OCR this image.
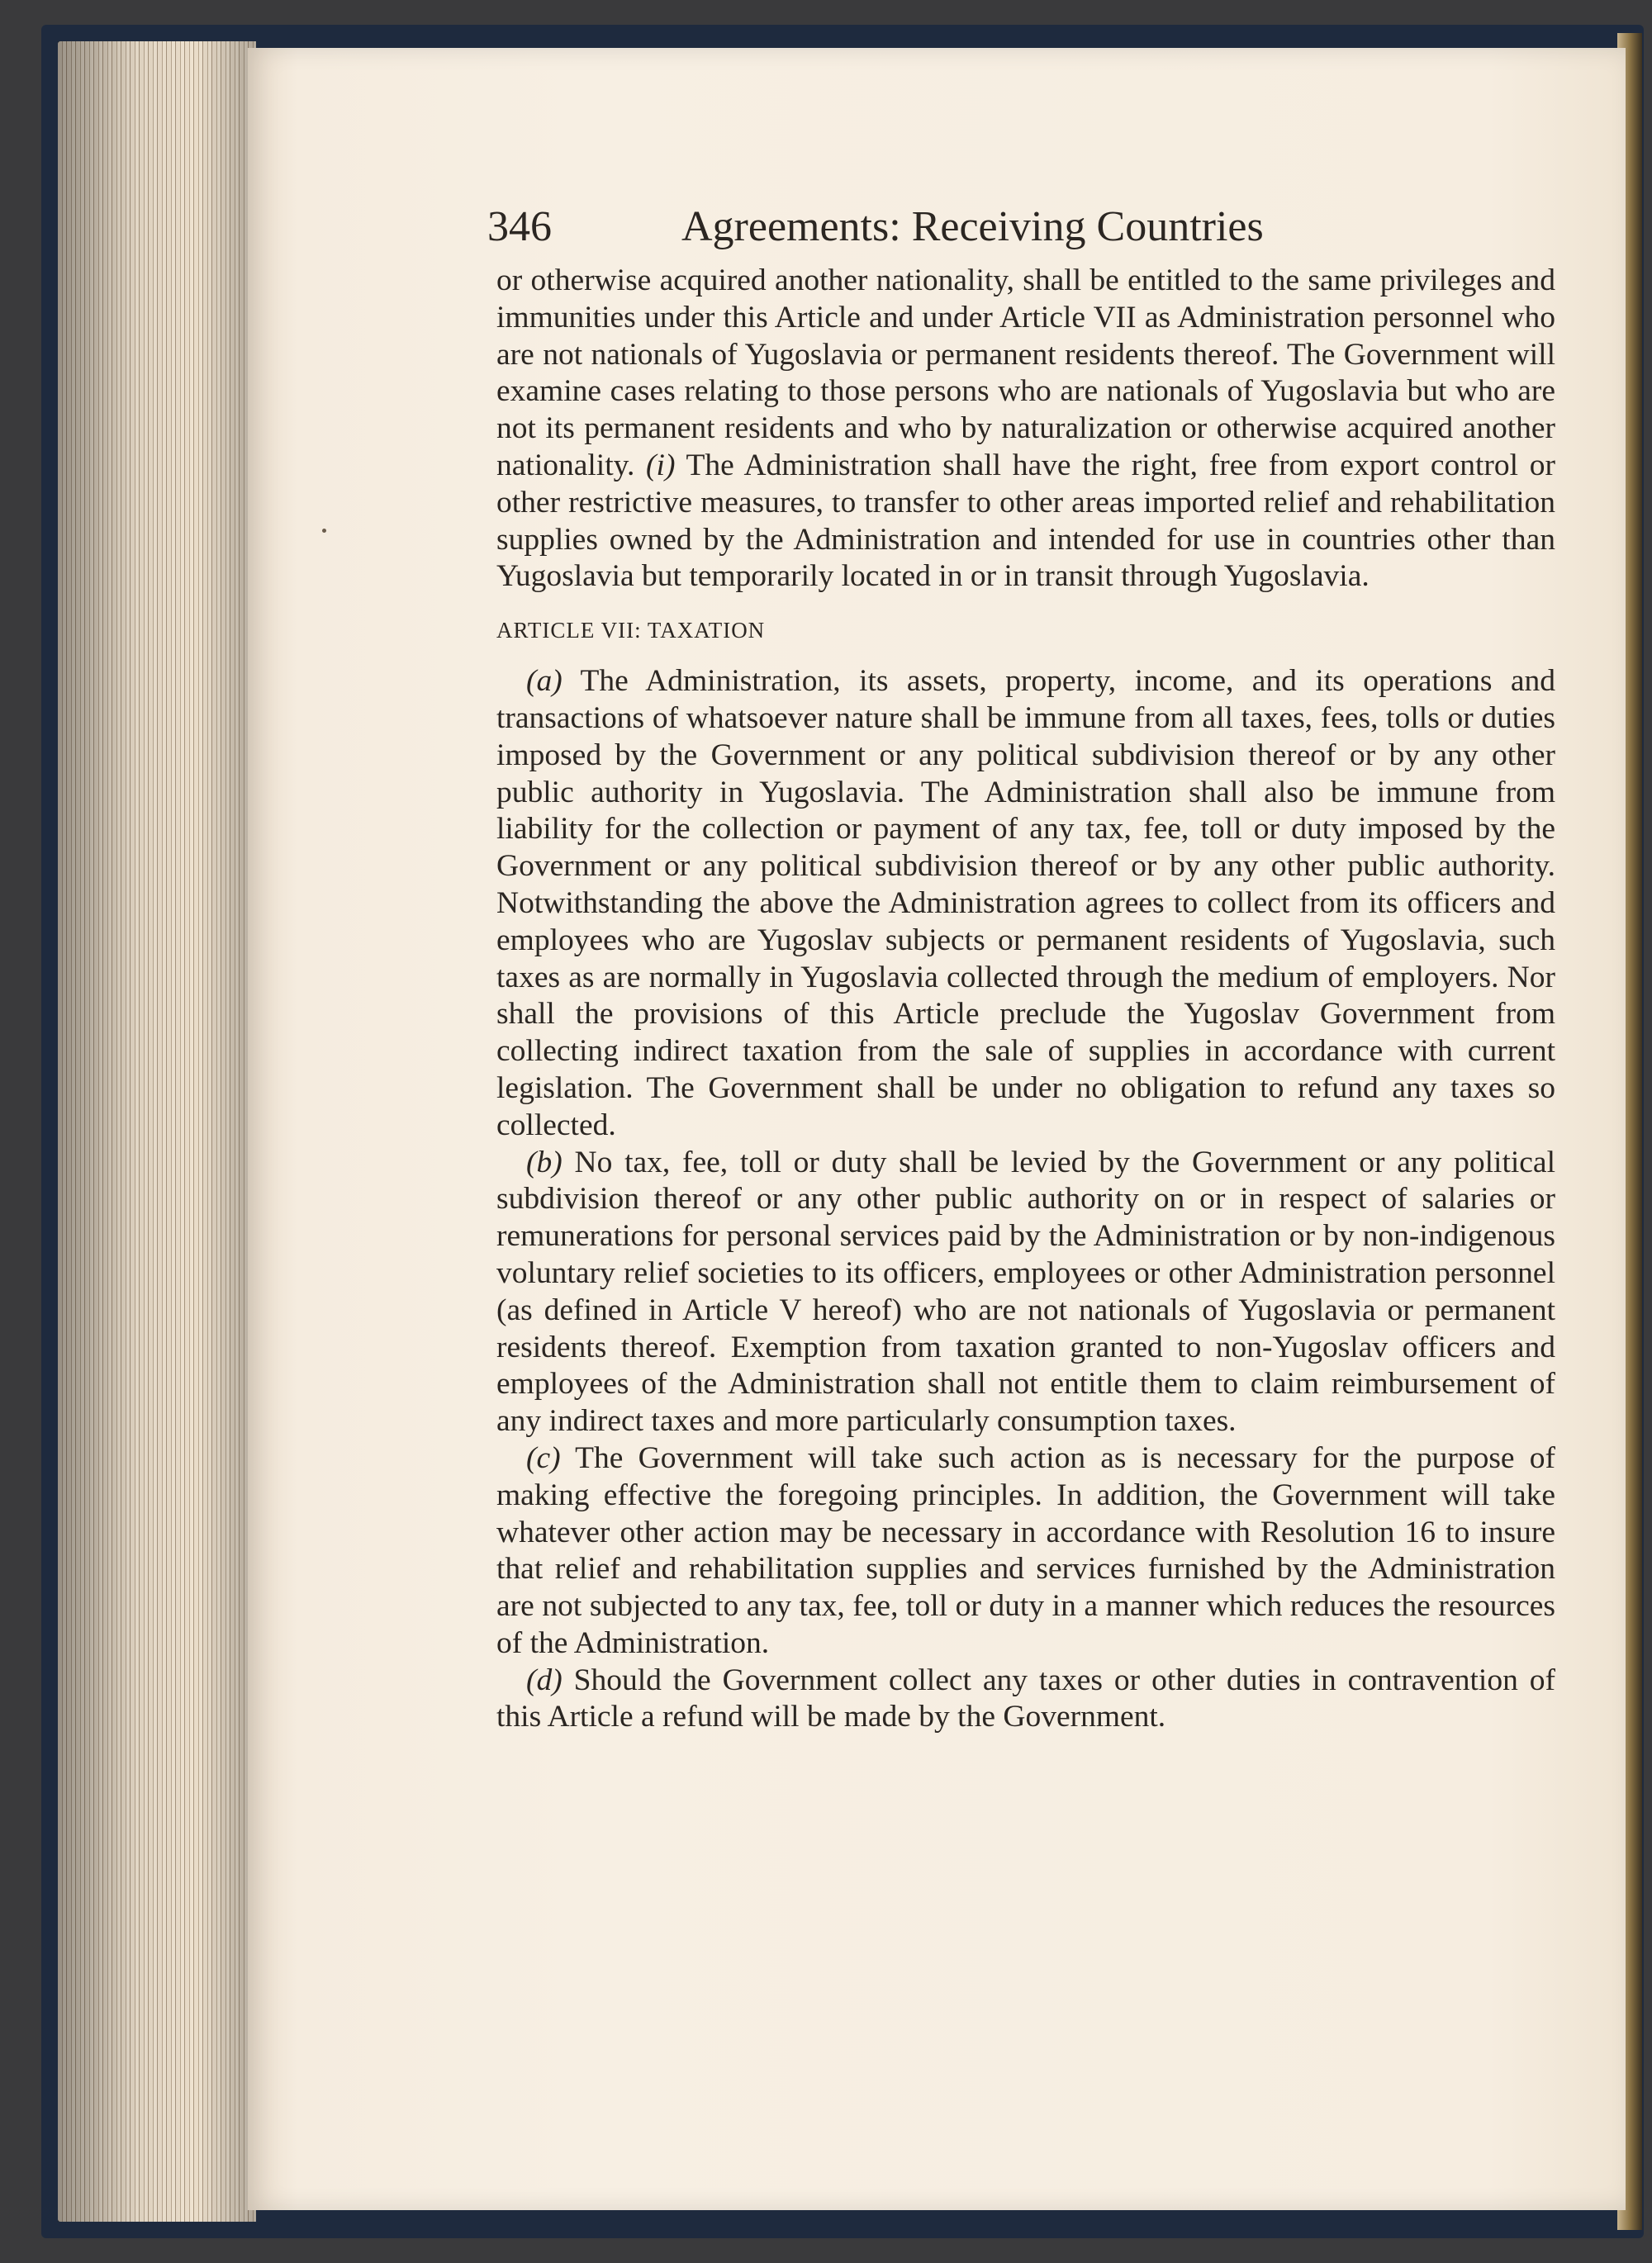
346	Agreements: Receiving Countries

or otherwise acquired another nationality, shall be entitled to the same privileges and immunities under this Article and under Article VII as Administration personnel who are not nationals of Yugoslavia or permanent residents thereof. The Government will examine cases relating to those persons who are nationals of Yugoslavia but who are not its permanent residents and who by naturalization or otherwise acquired another nationality. (i) The Administration shall have the right, free from export control or other restrictive measures, to transfer to other areas imported relief and rehabilitation supplies owned by the Administration and intended for use in countries other than Yugoslavia but temporarily located in or in transit through Yugoslavia.

ARTICLE VII: TAXATION

(a) The Administration, its assets, property, income, and its operations and transactions of whatsoever nature shall be immune from all taxes, fees, tolls or duties imposed by the Government or any political subdivision thereof or by any other public authority in Yugoslavia. The Administration shall also be immune from liability for the collection or payment of any tax, fee, toll or duty imposed by the Government or any political subdivision thereof or by any other public authority. Notwithstanding the above the Administration agrees to collect from its officers and employees who are Yugoslav subjects or permanent residents of Yugoslavia, such taxes as are normally in Yugoslavia collected through the medium of employers. Nor shall the provisions of this Article preclude the Yugoslav Government from collecting indirect taxation from the sale of supplies in accordance with current legislation. The Government shall be under no obligation to refund any taxes so collected.

(b) No tax, fee, toll or duty shall be levied by the Government or any political subdivision thereof or any other public authority on or in respect of salaries or remunerations for personal services paid by the Administration or by non-indigenous voluntary relief societies to its officers, employees or other Administration personnel (as defined in Article V hereof) who are not nationals of Yugoslavia or permanent residents thereof. Exemption from taxation granted to non-Yugoslav officers and employees of the Administration shall not entitle them to claim reimbursement of any indirect taxes and more particularly consumption taxes.

(c) The Government will take such action as is necessary for the purpose of making effective the foregoing principles. In addition, the Government will take whatever other action may be necessary in accordance with Resolution 16 to insure that relief and rehabilitation supplies and services furnished by the Administration are not subjected to any tax, fee, toll or duty in a manner which reduces the resources of the Administration.

(d) Should the Government collect any taxes or other duties in contravention of this Article a refund will be made by the Government.
